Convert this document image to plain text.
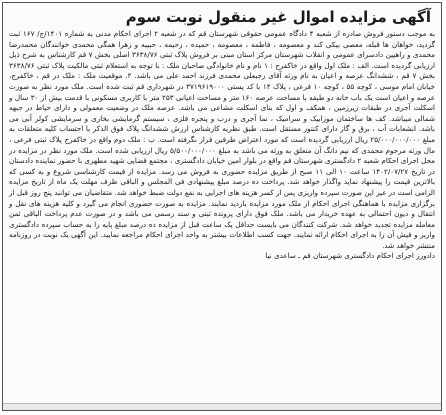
آگهی مزایده اموال غیر منقول نوبت سوم
به موجب دستور فروش صادره از شعبه ۴ دادگاه عمومی حقوقی شهرستان قم که در شعبه ۲ اجرای احکام مدنی به شماره ۱۴۰۱/ج/ ۱۶۷ ثبت گردید، خواهان ها قبله، معصی بیکی کند و معصومه ، فاطمه ، معصومه ، حمیده ، رحیمه ، حبیبه و زهرا همگی محمدی خوانندگان محمدرضا محمدی و راهیین دادسرای عمومی و انقلاب شهرستان مرکز استان مبنی بر فروش پلاک ثبتی ۳۶۳۸/۷۶ اصلی بخش ۷ قم کارشناس به شرح ذیل ارزیابی گردیده است. الف : ملک اول واقع در خاکفرج : ۱ نام و نام خانوادگی صاحبان ملک : با توجه به استعلام ثبتی مالکیت پلاک ثبتی ۳۶۳۸/۷۶ بخش ۷ قم ، ششدانگ عرصه و اعیان به نام ورثه آقای رجبعلی محمدی فرزند احمد علی می باشد. ۲. موقعیت ملک : ملک در قم ، خاکفرج، خیابان امام موسی ، کوچه ۵۵ ، کوچه ۱۰ فرعی ، پلاک ۱۴ با کد پستی ۳۷۱۹۶۱۹۰۰۰ در شهرداری قم ثبت شده است. ملک مورد نظر به صورت عرصه و اعیان است یک باب خانه دو طبقه با مساحت عرصه ۱۶۰ متر و مساحت اعیانی ۲۵۳ متر با کاربری مسکونی با قدمت بیش از ۳۰ سال و اسکلت آجری در طبقات زیرزمین ، همکف و اول که بنای اسکلت مشاعی می باشد. عرصه ملک در وضعیت معمولی و دارای حیاط در جبهه شمالی میباشد. کف ها ساختمان موزاییک و سرامیک ، نما آجری و درب و پنجره فلزی ، سیستم گرمایشی بخاری و سرمایشی کولر آبی می باشد. انشعابات آب ، برق و گاز دارای کنتور مستقل است. طبق نظریه کارشناس ارزش ششدانگ پلاک فوق الذکر با احتساب کلیه متعلقات به مبلغ ۲۵/۰۰۰/۰۰۰/۰۰۰ ریال ارزیابی گردیده است که مورد اعتراض طرفین قرار نگرفته است. ب : ملک دوم واقع در خاکفرج پلاک ثبتی فرعی ، مال ورثه مرحوم محمدی که نیم دانگ آن متعلق به ورثه می باشد به مبلغ ۵/۵۰۰/۰۰۰/۰۰۰ ریال ارزیابی شده است. ملک مورد نظر در مزایده در محل اجرای احکام شعبه ۲ دادگستری شهرستان قم واقع در بلوار امین خیابان دادگستری ، مجتمع قضایی شهید مطهری با حضور نماینده دادستان در تاریخ ۱۴۰۲/۰۷/۲۷ ساعت ۱۰ الی ۱۱ صبح از طریق مزایده حضوری به فروش می رسد. مزایده از قیمت کارشناسی شروع و به کسی که بالاترین قیمت را پیشنهاد نماید واگذار خواهد شد. پرداخت ده درصد مبلغ پیشنهادی فی المجلس و الباقی ظرف مهلت یک ماه از تاریخ مزایده الزامی است در غیر این صورت سپرده واریزی پس از کسر هزینه های اجرایی به نفع دولت ضبط خواهد شد. متقاضیان می توانند پنج روز قبل از برگزاری مزایده با هماهنگی اجرای احکام از ملک مورد مزایده بازدید نمایند. مزایده به صورت حضوری انجام می گیرد و کلیه هزینه های نقل و انتقال و دیون احتمالی به عهده خریدار می باشد. ملک فوق دارای پرونده ثبتی و سند رسمی می باشد و در صورت عدم پرداخت الباقی ثمن معامله مزایده تجدید خواهد شد. شرکت کنندگان می بایست حداقل یک ساعت قبل از مزایده ده درصد مبلغ پایه را به حساب سپرده دادگستری واریز و فیش آن را به اجرای احکام ارائه نمایند. جهت کسب اطلاعات بیشتر به واحد اجرای احکام مراجعه نمایید. این آگهی یک نوبت در روزنامه منتشر خواهد شد.
دادورز اجرای احکام دادگستری شهرستان قم ـ ساعدی نیا
